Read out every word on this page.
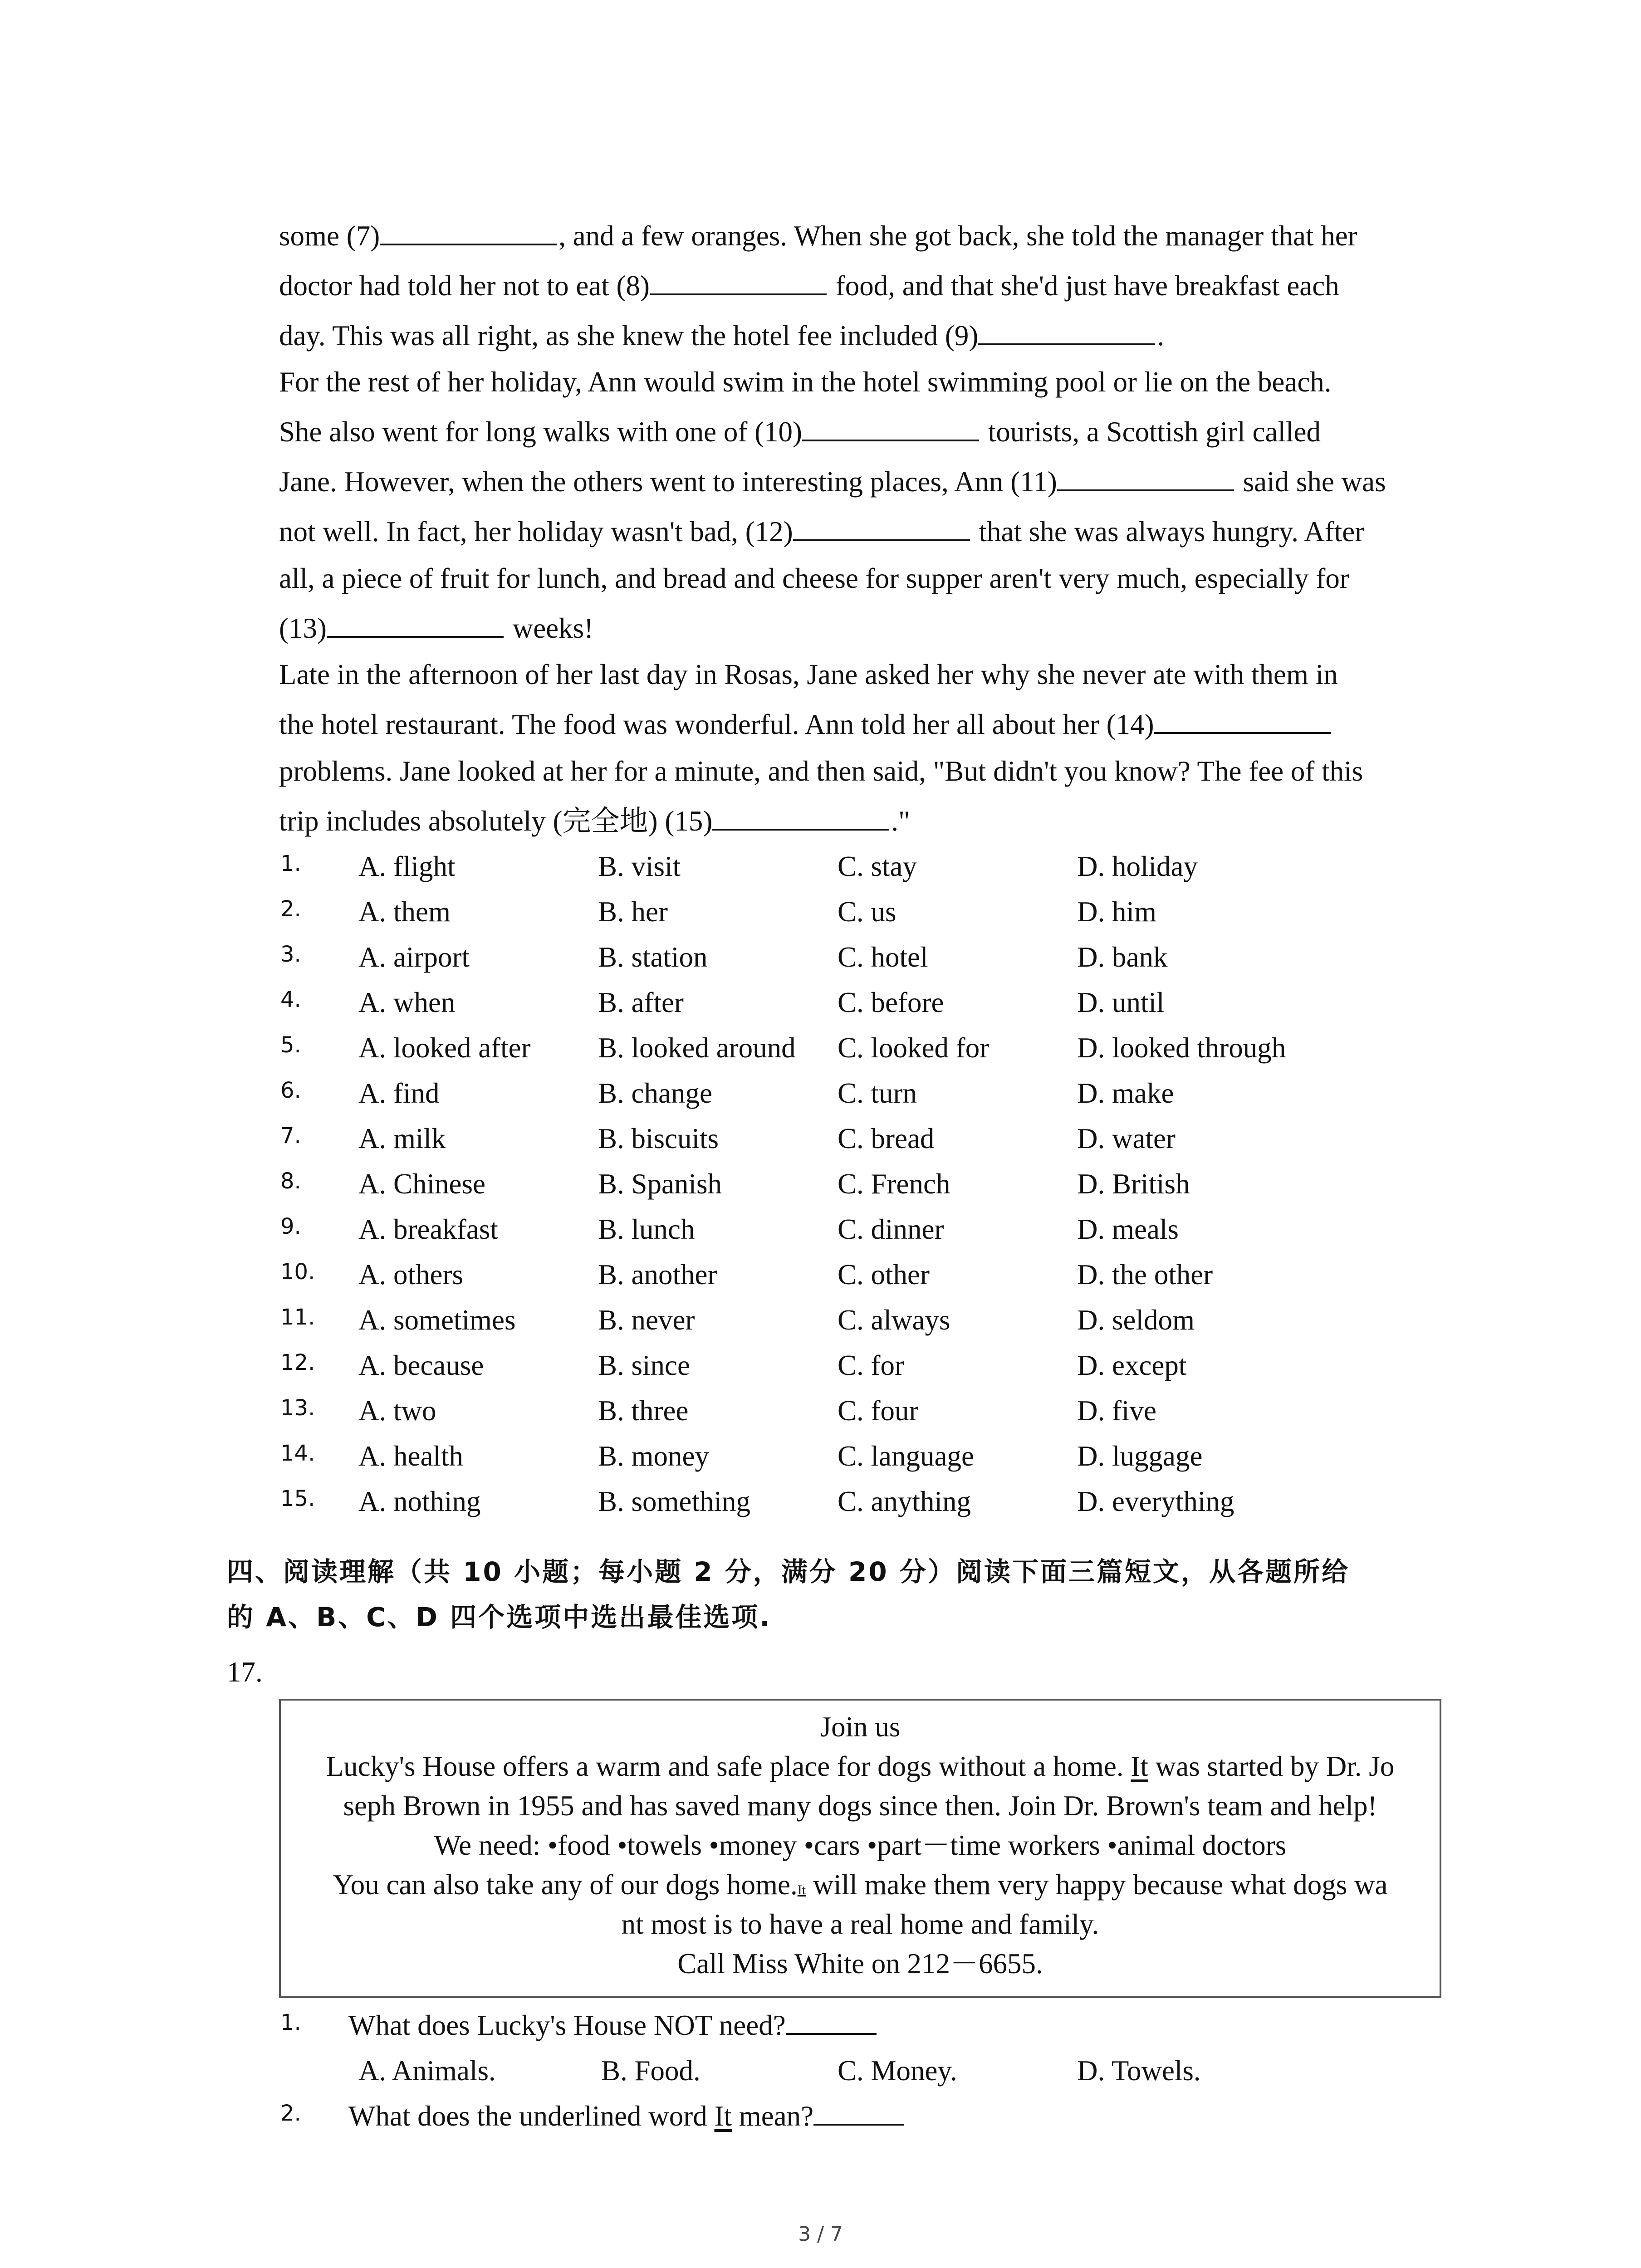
some (7)	, and a few oranges. When she got back, she told the manager that her
doctor had told her not to eat (8)	food, and that she'd just have breakfast each
day. This was all right, as she knew the hotel fee included (9)	.
For the rest of her holiday, Ann would swim in the hotel swimming pool or lie on the beach.
She also went for long walks with one of (10)	tourists, a Scottish girl called
Jane. However, when the others went to interesting places, Ann (11)	said she was
not well. In fact, her holiday wasn't bad, (12)	that she was always hungry. After
all, a piece of fruit for lunch, and bread and cheese for supper aren't very much, especially for
(13)	weeks!
Late in the afternoon of her last day in Rosas, Jane asked her why she never ate with them in
the hotel restaurant. The food was wonderful. Ann told her all about her (14)
problems. Jane looked at her for a minute, and then said, "But didn't you know? The fee of this
trip includes absolutely (完全地) (15)	."
1. A. flight	B. visit	C. stay	D. holiday
2. A. them	B. her	C. us	D. him
3. A. airport	B. station	C. hotel	D. bank
4. A. when	B. after	C. before	D. until
5. A. looked after B. looked around C. looked for	D. looked through
6. A. find	B. change	C. turn	D. make
7. A. milk	B. biscuits	C. bread	D. water
8. A. Chinese	B. Spanish	C. French	D. British
9. A. breakfast	B. lunch	C. dinner	D. meals
10. A. others	B. another	C. other	D. the other
11. A. sometimes	B. never	C. always	D. seldom
12. A. because	B. since	C. for	D. except
13. A. two	B. three	C. four	D. five
14. A. health	B. money	C. language	D. luggage
15. A. nothing	B. something	C. anything	D. everything
四、阅读理解（共 10 小题；每小题 2 分，满分 20 分）阅读下面三篇短文，从各题所给
的 A、B、C、D 四个选项中选出最佳选项.
17.
Join us
Lucky's House offers a warm and safe place for dogs without a home. It was started by Dr. Jo
seph Brown in 1955 and has saved many dogs since then. Join Dr. Brown's team and help!
We need: •food •towels •money •cars •part－time workers •animal doctors
You can also take any of our dogs home.It will make them very happy because what dogs wa
nt most is to have a real home and family.
Call Miss White on 212－6655.
1. What does Lucky's House NOT need?
A. Animals.	B. Food.	C. Money.	D. Towels.
2. What does the underlined word It mean?
3 / 7
